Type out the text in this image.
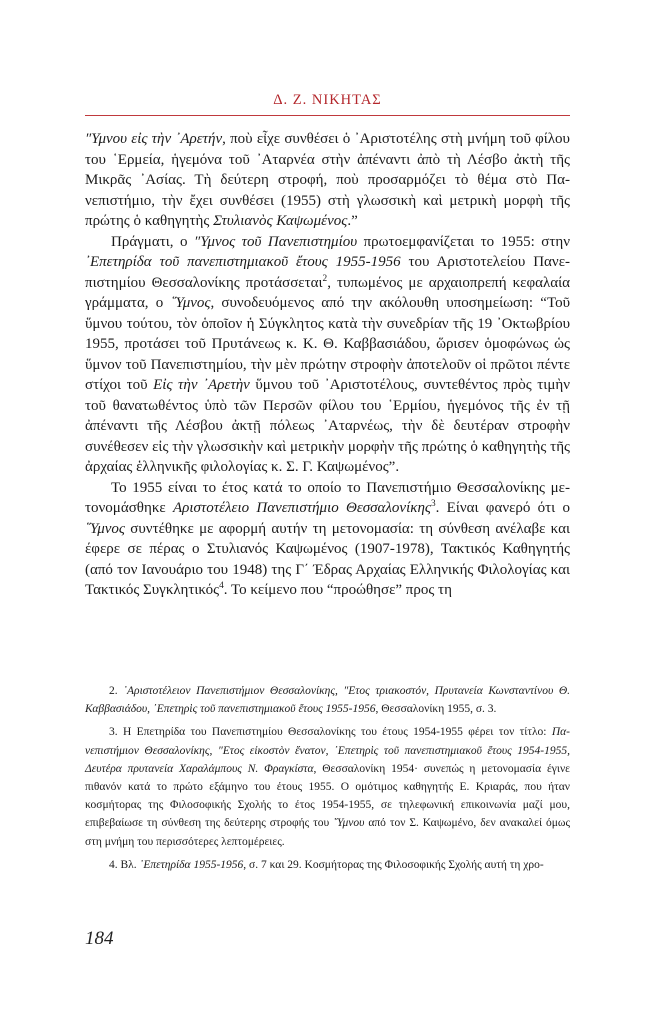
Δ. Ζ. ΝΙΚΗΤΑΣ

″Υμνου εἰς τὴν ᾿Αρετήν, ποὺ εἶχε συνθέσει ὁ ᾿Αριστοτέλης στὴ μνήμη τοῦ φίλου του ῾Ερμεία, ἡγεμόνα τοῦ ᾿Αταρνέα στὴν ἀπέναντι ἀπὸ τὴ Λέσβο ἀκτὴ τῆς Μικρᾶς ᾿Ασίας. Τὴ δεύτερη στροφή, ποὺ προσαρμόζει τὸ θέμα στὸ Πανεπιστήμιο, τὴν ἔχει συνθέσει (1955) στὴ γλωσσικὴ καὶ μετρικὴ μορφὴ τῆς πρώτης ὁ καθηγητὴς Στυλιανὸς Καψωμένος.”

Πράγματι, ο ″Υμνος τοῦ Πανεπιστημίου πρωτοεμφανίζεται το 1955: στην ᾿Επετηρίδα τοῦ πανεπιστημιακοῦ ἔτους 1955-1956 του Αριστοτελείου Πανεπιστημίου Θεσσαλονίκης προτάσσεται$^2$, τυπωμένος με αρχαιοπρεπή κεφαλαία γράμματα, ο ῞Υμνος, συνοδευόμενος από την ακόλουθη υποσημείωση: “Τοῦ ὕμνου τούτου, τὸν ὁποῖον ἡ Σύγκλητος κατὰ τὴν συνεδρίαν τῆς 19 ᾿Οκτωβρίου 1955, προτάσει τοῦ Πρυτάνεως κ. Κ. Θ. Καββασιάδου, ὥρισεν ὁμοφώνως ὡς ὕμνον τοῦ Πανεπιστημίου, τὴν μὲν πρώτην στροφὴν ἀποτελοῦν οἱ πρῶτοι πέντε στίχοι τοῦ Εἰς τὴν ᾿Αρετὴν ὕμνου τοῦ ᾿Αριστοτέλους, συντεθέντος πρὸς τιμὴν τοῦ θανατωθέντος ὑπὸ τῶν Περσῶν φίλου του ῾Ερμίου, ἡγεμόνος τῆς ἐν τῇ ἀπέναντι τῆς Λέσβου ἀκτῇ πόλεως ᾿Αταρνέως, τὴν δὲ δευτέραν στροφὴν συνέθεσεν εἰς τὴν γλωσσικὴν καὶ μετρικὴν μορφὴν τῆς πρώτης ὁ καθηγητὴς τῆς ἀρχαίας ἑλληνικῆς φιλολογίας κ. Σ. Γ. Καψωμένος”.

Το 1955 είναι το έτος κατά το οποίο το Πανεπιστήμιο Θεσσαλονίκης μετονομάσθηκε Αριστοτέλειο Πανεπιστήμιο Θεσσαλονίκης$^3$. Είναι φανερό ότι ο ῞Υμνος συντέθηκε με αφορμή αυτήν τη μετονομασία: τη σύνθεση ανέλαβε και έφερε σε πέρας ο Στυλιανός Καψωμένος (1907-1978), Τακτικός Καθηγητής (από τον Ιανουάριο του 1948) της Γ΄ Έδρας Αρχαίας Ελληνικής Φιλολογίας και Τακτικός Συγκλητικός$^4$. Το κείμενο που “προώθησε” προς τη

2. ᾿Αριστοτέλειον Πανεπιστήμιον Θεσσαλονίκης, ″Ετος τριακοστόν, Πρυτανεία Κωνσταντίνου Θ. Καββασιάδου, ᾿Επετηρὶς τοῦ πανεπιστημιακοῦ ἔτους 1955-1956, Θεσσαλονίκη 1955, σ. 3.

3. Η Επετηρίδα του Πανεπιστημίου Θεσσαλονίκης του έτους 1954-1955 φέρει τον τίτλο: Πανεπιστήμιον Θεσσαλονίκης, ″Ετος εἰκοστὸν ἔνατον, ᾿Επετηρὶς τοῦ πανεπιστημιακοῦ ἔτους 1954-1955, Δευτέρα πρυτανεία Χαραλάμπους Ν. Φραγκίστα, Θεσσαλονίκη 1954· συνεπώς η μετονομασία έγινε πιθανόν κατά το πρώτο εξάμηνο του έτους 1955. Ο ομότιμος καθηγητής Ε. Κριαράς, που ήταν κοσμήτορας της Φιλοσοφικής Σχολής το έτος 1954-1955, σε τηλεφωνική επικοινωνία μαζί μου, επιβεβαίωσε τη σύνθεση της δεύτερης στροφής του ῞Υμνου από τον Σ. Καψωμένο, δεν ανακαλεί όμως στη μνήμη του περισσότερες λεπτομέρειες.

4. Βλ. ᾿Επετηρίδα 1955-1956, σ. 7 και 29. Κοσμήτορας της Φιλοσοφικής Σχολής αυτή τη χρο-

184
